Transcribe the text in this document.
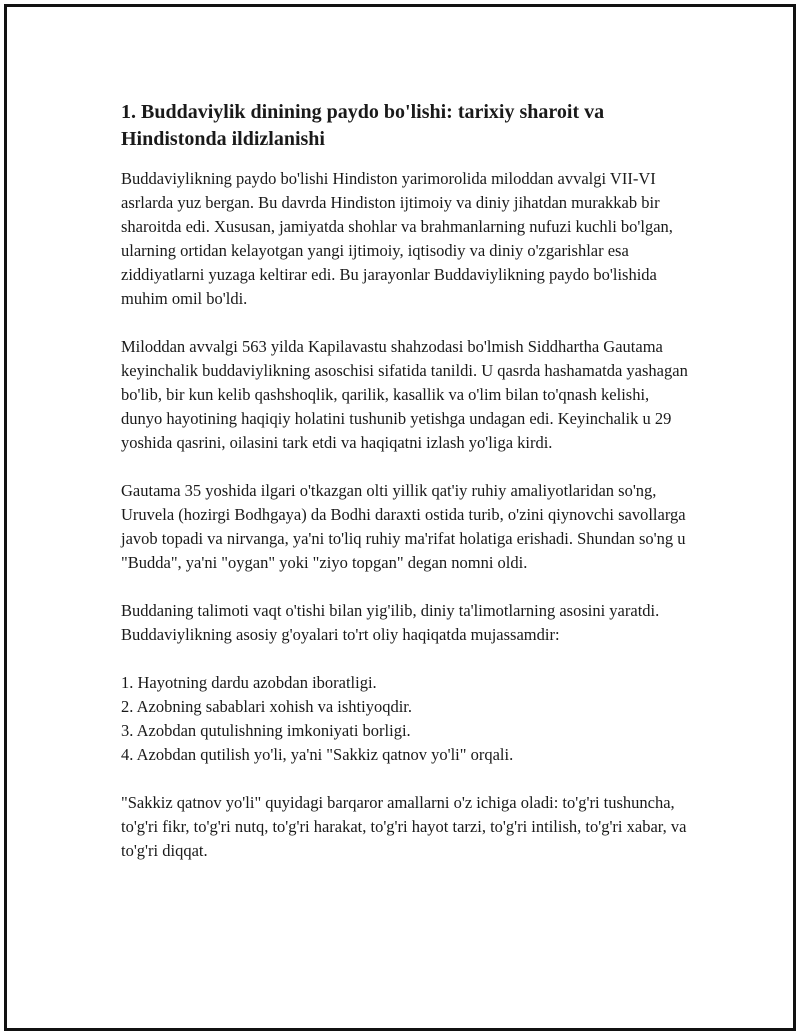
1. Buddaviylik dinining paydo bo'lishi: tarixiy sharoit va Hindistonda ildizlanishi

Buddaviylikning paydo bo'lishi Hindiston yarimorolida miloddan avvalgi VII-VI asrlarda yuz bergan. Bu davrda Hindiston ijtimoiy va diniy jihatdan murakkab bir sharoitda edi. Xususan, jamiyatda shohlar va brahmanlarning nufuzi kuchli bo'lgan, ularning ortidan kelayotgan yangi ijtimoiy, iqtisodiy va diniy o'zgarishlar esa ziddiyatlarni yuzaga keltirar edi. Bu jarayonlar Buddaviylikning paydo bo'lishida muhim omil bo'ldi.

Miloddan avvalgi 563 yilda Kapilavastu shahzodasi bo'lmish Siddhartha Gautama keyinchalik buddaviylikning asoschisi sifatida tanildi. U qasrda hashamatda yashagan bo'lib, bir kun kelib qashshoqlik, qarilik, kasallik va o'lim bilan to'qnash kelishi, dunyo hayotining haqiqiy holatini tushunib yetishga undagan edi. Keyinchalik u 29 yoshida qasrini, oilasini tark etdi va haqiqatni izlash yo'liga kirdi.

Gautama 35 yoshida ilgari o'tkazgan olti yillik qat'iy ruhiy amaliyotlaridan so'ng, Uruvela (hozirgi Bodhgaya) da Bodhi daraxti ostida turib, o'zini qiynovchi savollarga javob topadi va nirvanga, ya'ni to'liq ruhiy ma'rifat holatiga erishadi. Shundan so'ng u "Budda", ya'ni "oygan" yoki "ziyo topgan" degan nomni oldi.

Buddaning talimoti vaqt o'tishi bilan yig'ilib, diniy ta'limotlarning asosini yaratdi. Buddaviylikning asosiy g'oyalari to'rt oliy haqiqatda mujassamdir:

1. Hayotning dardu azobdan iboratligi.
2. Azobning sabablari xohish va ishtiyoqdir.
3. Azobdan qutulishning imkoniyati borligi.
4. Azobdan qutilish yo'li, ya'ni "Sakkiz qatnov yo'li" orqali.

"Sakkiz qatnov yo'li" quyidagi barqaror amallarni o'z ichiga oladi: to'g'ri tushuncha, to'g'ri fikr, to'g'ri nutq, to'g'ri harakat, to'g'ri hayot tarzi, to'g'ri intilish, to'g'ri xabar, va to'g'ri diqqat.
